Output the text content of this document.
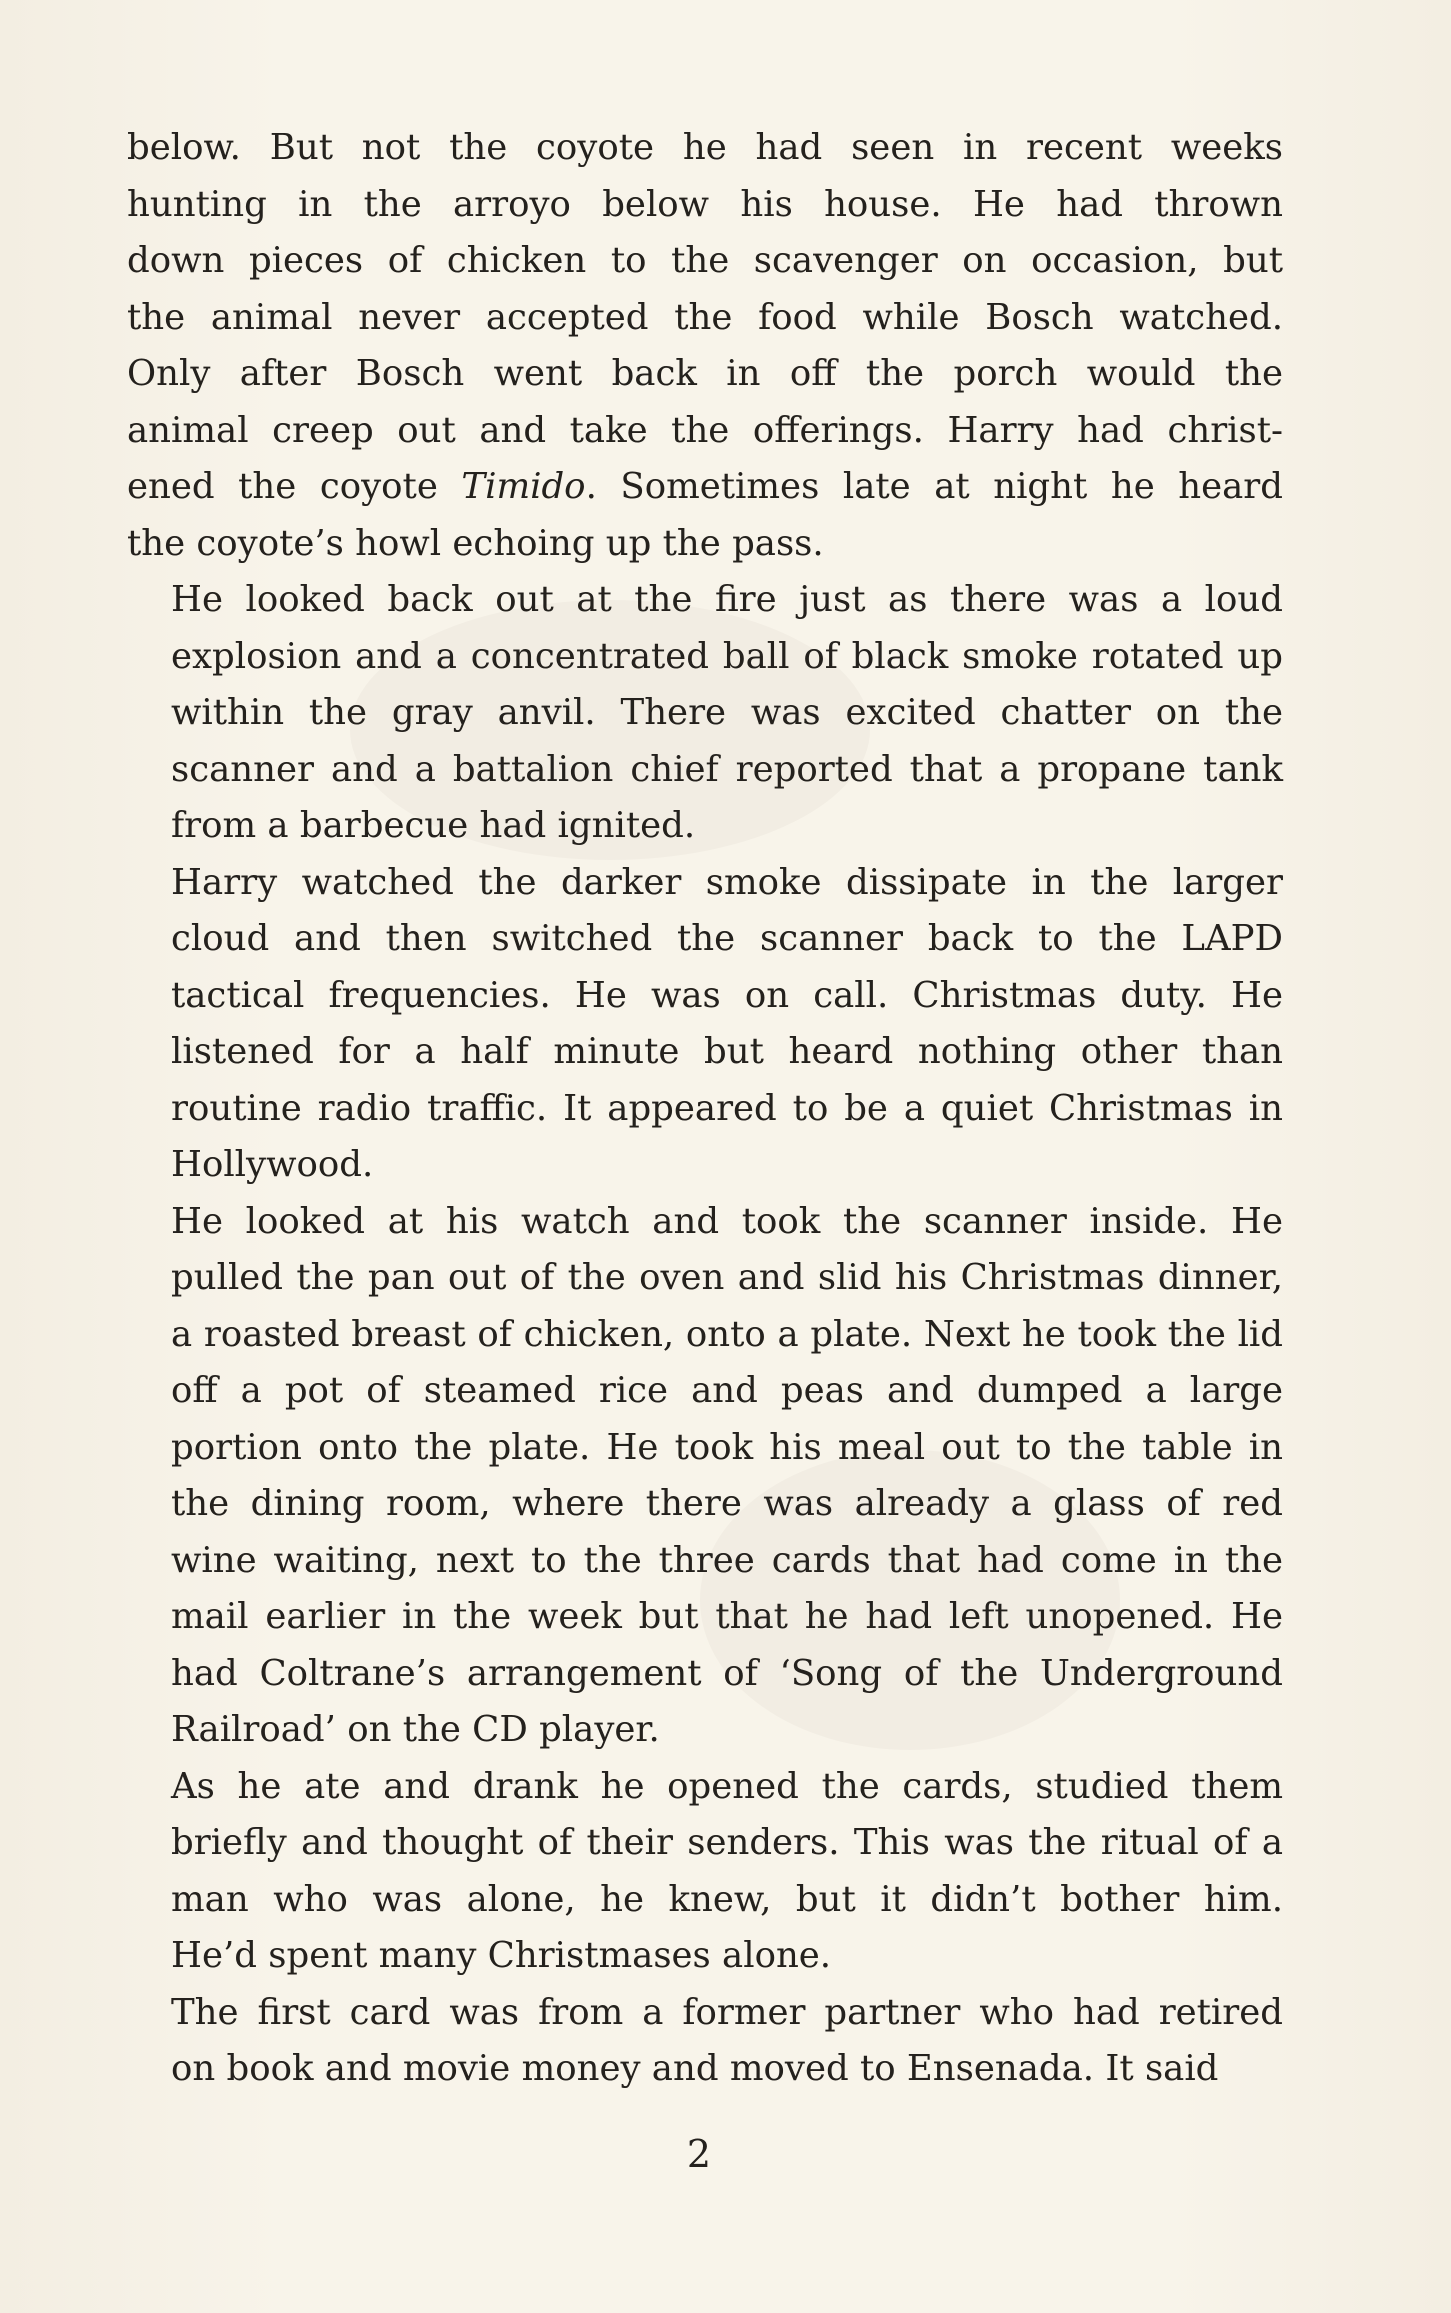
below. But not the coyote he had seen in recent weeks
hunting in the arroyo below his house. He had thrown
down pieces of chicken to the scavenger on occasion, but
the animal never accepted the food while Bosch watched.
Only after Bosch went back in off the porch would the
animal creep out and take the offerings. Harry had christ-
ened the coyote Timido. Sometimes late at night he heard
the coyote’s howl echoing up the pass.

He looked back out at the fire just as there was a loud
explosion and a concentrated ball of black smoke rotated up
within the gray anvil. There was excited chatter on the
scanner and a battalion chief reported that a propane tank
from a barbecue had ignited.

Harry watched the darker smoke dissipate in the larger
cloud and then switched the scanner back to the LAPD
tactical frequencies. He was on call. Christmas duty. He
listened for a half minute but heard nothing other than
routine radio traffic. It appeared to be a quiet Christmas in
Hollywood.

He looked at his watch and took the scanner inside. He
pulled the pan out of the oven and slid his Christmas dinner,
a roasted breast of chicken, onto a plate. Next he took the lid
off a pot of steamed rice and peas and dumped a large
portion onto the plate. He took his meal out to the table in
the dining room, where there was already a glass of red
wine waiting, next to the three cards that had come in the
mail earlier in the week but that he had left unopened. He
had Coltrane’s arrangement of ‘Song of the Underground
Railroad’ on the CD player.

As he ate and drank he opened the cards, studied them
briefly and thought of their senders. This was the ritual of a
man who was alone, he knew, but it didn’t bother him.
He’d spent many Christmases alone.

The first card was from a former partner who had retired
on book and movie money and moved to Ensenada. It said

2
